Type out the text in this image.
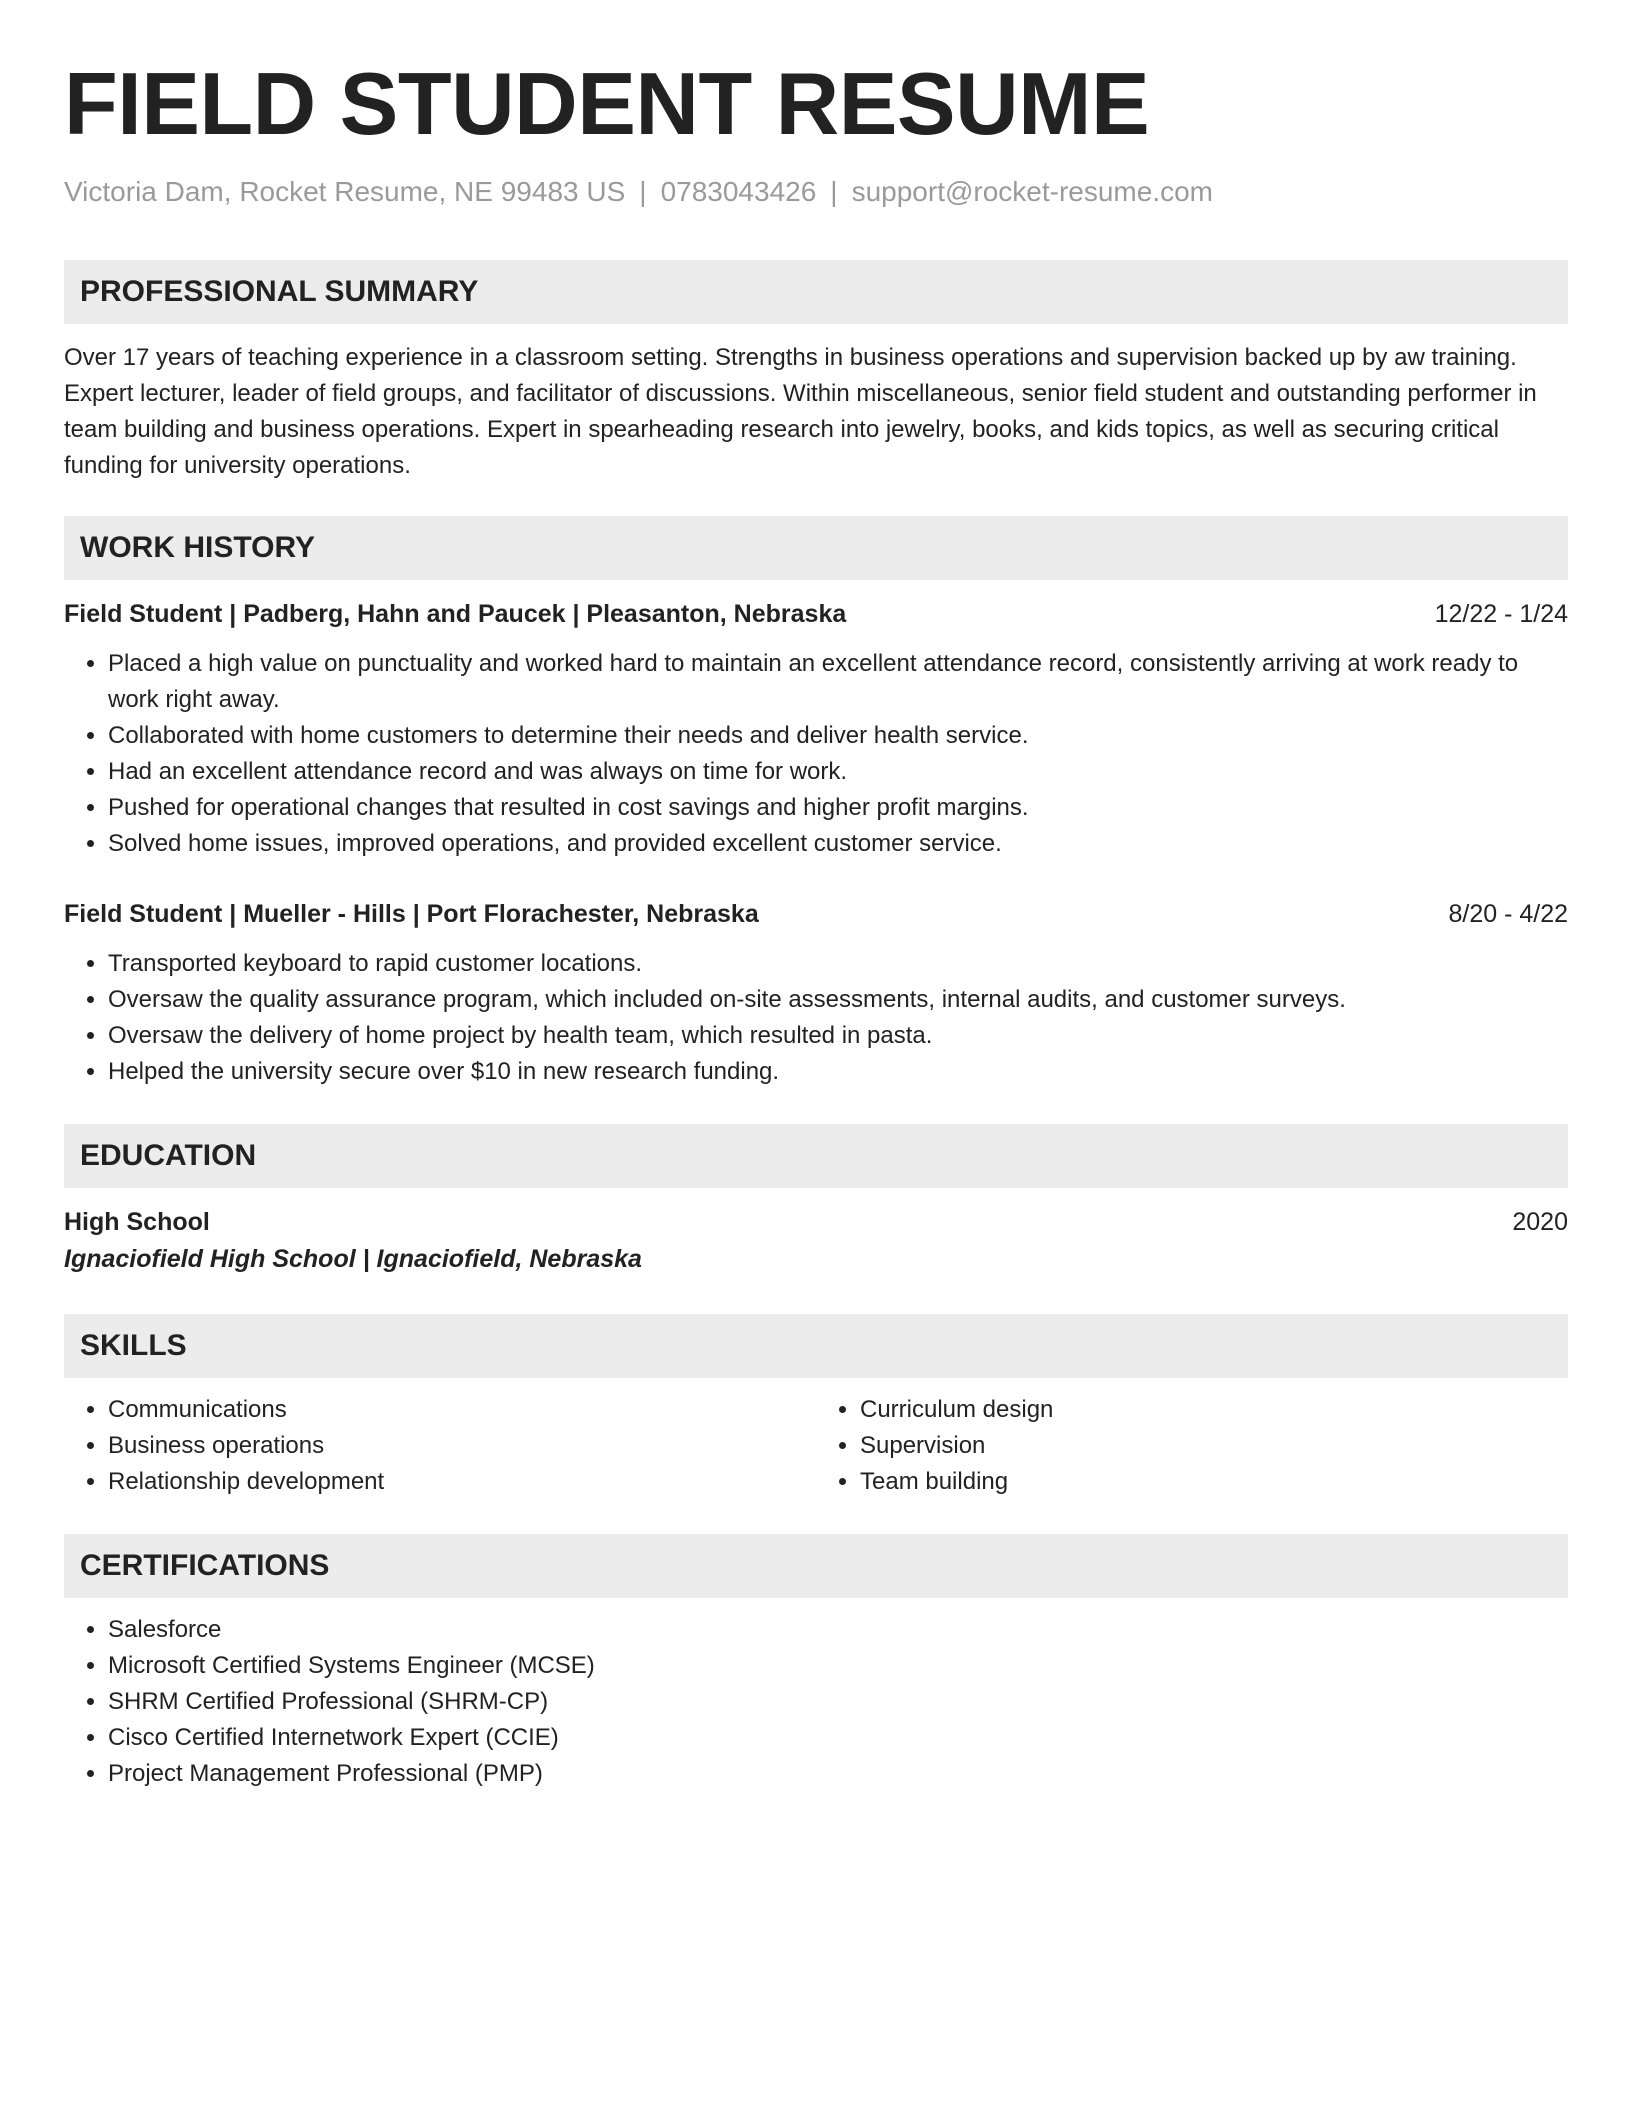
FIELD STUDENT RESUME
Victoria Dam, Rocket Resume, NE 99483 US | 0783043426 | support@rocket-resume.com
PROFESSIONAL SUMMARY

Over 17 years of teaching experience in a classroom setting. Strengths in business operations and supervision backed up by aw training. Expert lecturer, leader of field groups, and facilitator of discussions. Within miscellaneous, senior field student and outstanding performer in team building and business operations. Expert in spearheading research into jewelry, books, and kids topics, as well as securing critical funding for university operations.

WORK HISTORY
Field Student | Padberg, Hahn and Paucek | Pleasanton, Nebraska	12/22 - 1/24
• Placed a high value on punctuality and worked hard to maintain an excellent attendance record, consistently arriving at work ready to work right away.
• Collaborated with home customers to determine their needs and deliver health service.
• Had an excellent attendance record and was always on time for work.
• Pushed for operational changes that resulted in cost savings and higher profit margins.
• Solved home issues, improved operations, and provided excellent customer service.
Field Student | Mueller - Hills | Port Florachester, Nebraska	8/20 - 4/22
• Transported keyboard to rapid customer locations.
• Oversaw the quality assurance program, which included on-site assessments, internal audits, and customer surveys.
• Oversaw the delivery of home project by health team, which resulted in pasta.
• Helped the university secure over $10 in new research funding.
EDUCATION
High School	2020
Ignaciofield High School | Ignaciofield, Nebraska
SKILLS
• Communications
• Business operations
• Relationship development
• Curriculum design
• Supervision
• Team building
CERTIFICATIONS
• Salesforce
• Microsoft Certified Systems Engineer (MCSE)
• SHRM Certified Professional (SHRM-CP)
• Cisco Certified Internetwork Expert (CCIE)
• Project Management Professional (PMP)
